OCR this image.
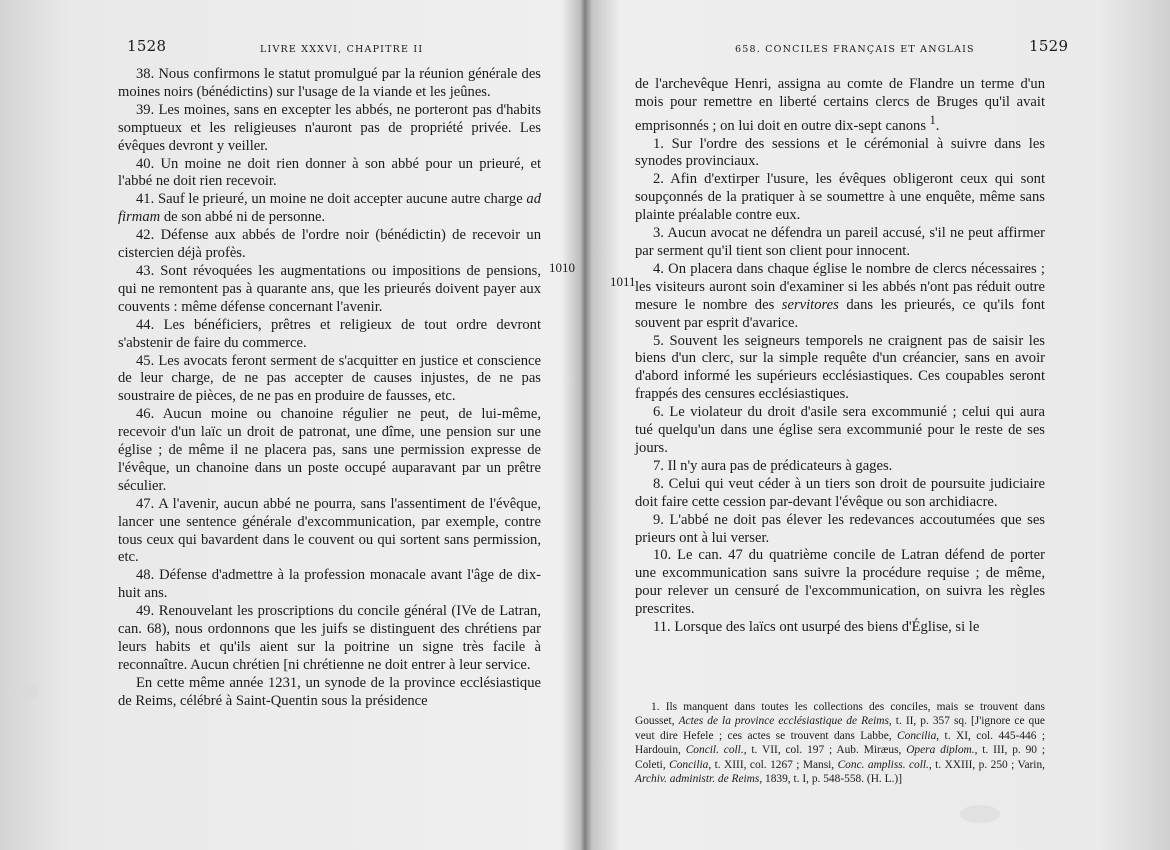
1528	LIVRE XXXVI, CHAPITRE II

38. Nous confirmons le statut promulgué par la réunion générale des moines noirs (bénédictins) sur l'usage de la viande et les jeûnes.

39. Les moines, sans en excepter les abbés, ne porteront pas d'habits somptueux et les religieuses n'auront pas de propriété privée. Les évêques devront y veiller.

40. Un moine ne doit rien donner à son abbé pour un prieuré, et l'abbé ne doit rien recevoir.

41. Sauf le prieuré, un moine ne doit accepter aucune autre charge ad firmam de son abbé ni de personne.

42. Défense aux abbés de l'ordre noir (bénédictin) de recevoir un cistercien déjà profès.

43. Sont révoquées les augmentations ou impositions de pensions, qui ne remontent pas à quarante ans, que les prieurés doivent payer aux couvents : même défense concernant l'avenir.

44. Les bénéficiers, prêtres et religieux de tout ordre devront s'abstenir de faire du commerce.

45. Les avocats feront serment de s'acquitter en justice et conscience de leur charge, de ne pas accepter de causes injustes, de ne pas soustraire de pièces, de ne pas en produire de fausses, etc.

46. Aucun moine ou chanoine régulier ne peut, de lui-même, recevoir d'un laïc un droit de patronat, une dîme, une pension sur une église ; de même il ne placera pas, sans une permission expresse de l'évêque, un chanoine dans un poste occupé auparavant par un prêtre séculier.

47. A l'avenir, aucun abbé ne pourra, sans l'assentiment de l'évêque, lancer une sentence générale d'excommunication, par exemple, contre tous ceux qui bavardent dans le couvent ou qui sortent sans permission, etc.

48. Défense d'admettre à la profession monacale avant l'âge de dix-huit ans.

49. Renouvelant les proscriptions du concile général (IVe de Latran, can. 68), nous ordonnons que les juifs se distinguent des chrétiens par leurs habits et qu'ils aient sur la poitrine un signe très facile à reconnaître. Aucun chrétien [ni chrétienne ne doit entrer à leur service.

En cette même année 1231, un synode de la province ecclésiastique de Reims, célébré à Saint-Quentin sous la présidence

1010
658. CONCILES FRANÇAIS ET ANGLAIS	1529
1011

de l'archevêque Henri, assigna au comte de Flandre un terme d'un mois pour remettre en liberté certains clercs de Bruges qu'il avait emprisonnés ; on lui doit en outre dix-sept canons $^1$.

1. Sur l'ordre des sessions et le cérémonial à suivre dans les synodes provinciaux.

2. Afin d'extirper l'usure, les évêques obligeront ceux qui sont soupçonnés de la pratiquer à se soumettre à une enquête, même sans plainte préalable contre eux.

3. Aucun avocat ne défendra un pareil accusé, s'il ne peut affirmer par serment qu'il tient son client pour innocent.

4. On placera dans chaque église le nombre de clercs nécessaires ; les visiteurs auront soin d'examiner si les abbés n'ont pas réduit outre mesure le nombre des servitores dans les prieurés, ce qu'ils font souvent par esprit d'avarice.

5. Souvent les seigneurs temporels ne craignent pas de saisir les biens d'un clerc, sur la simple requête d'un créancier, sans en avoir d'abord informé les supérieurs ecclésiastiques. Ces coupables seront frappés des censures ecclésiastiques.

6. Le violateur du droit d'asile sera excommunié ; celui qui aura tué quelqu'un dans une église sera excommunié pour le reste de ses jours.

7. Il n'y aura pas de prédicateurs à gages.

8. Celui qui veut céder à un tiers son droit de poursuite judiciaire doit faire cette cession par-devant l'évêque ou son archidiacre.

9. L'abbé ne doit pas élever les redevances accoutumées que ses prieurs ont à lui verser.

10. Le can. 47 du quatrième concile de Latran défend de porter une excommunication sans suivre la procédure requise ; de même, pour relever un censuré de l'excommunication, on suivra les règles prescrites.

11. Lorsque des laïcs ont usurpé des biens d'Église, si le

1. Ils manquent dans toutes les collections des conciles, mais se trouvent dans Gousset, Actes de la province ecclésiastique de Reims, t. II, p. 357 sq. [J'ignore ce que veut dire Hefele ; ces actes se trouvent dans Labbe, Concilia, t. XI, col. 445-446 ; Hardouin, Concil. coll., t. VII, col. 197 ; Aub. Miræus, Opera diplom., t. III, p. 90 ; Coleti, Concilia, t. XIII, col. 1267 ; Mansi, Conc. ampliss. coll., t. XXIII, p. 250 ; Varin, Archiv. administr. de Reims, 1839, t. I, p. 548-558. (H. L.)]
